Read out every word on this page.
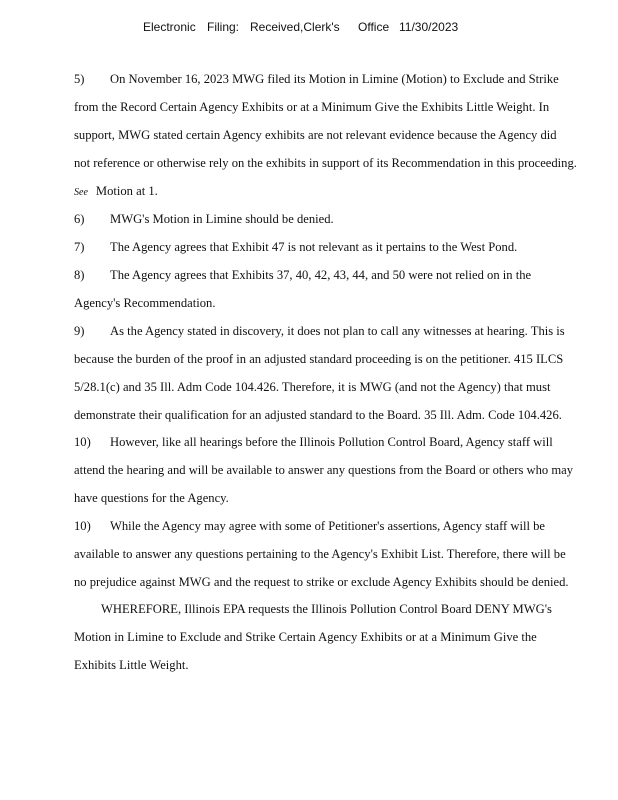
Electronic Filing: Received,Clerk's Office 11/30/2023
5) On November 16, 2023 MWG filed its Motion in Limine (Motion) to Exclude and Strike
from the Record Certain Agency Exhibits or at a Minimum Give the Exhibits Little Weight. In
support, MWG stated certain Agency exhibits are not relevant evidence because the Agency did
not reference or otherwise rely on the exhibits in support of its Recommendation in this proceeding.
See Motion at 1.
6) MWG's Motion in Limine should be denied.
7) The Agency agrees that Exhibit 47 is not relevant as it pertains to the West Pond.
8) The Agency agrees that Exhibits 37, 40, 42, 43, 44, and 50 were not relied on in the
Agency's Recommendation.
9) As the Agency stated in discovery, it does not plan to call any witnesses at hearing. This is
because the burden of the proof in an adjusted standard proceeding is on the petitioner. 415 ILCS
5/28.1(c) and 35 Ill. Adm Code 104.426. Therefore, it is MWG (and not the Agency) that must
demonstrate their qualification for an adjusted standard to the Board. 35 Ill. Adm. Code 104.426.
10) However, like all hearings before the Illinois Pollution Control Board, Agency staff will
attend the hearing and will be available to answer any questions from the Board or others who may
have questions for the Agency.
10) While the Agency may agree with some of Petitioner's assertions, Agency staff will be
available to answer any questions pertaining to the Agency's Exhibit List. Therefore, there will be
no prejudice against MWG and the request to strike or exclude Agency Exhibits should be denied.
WHEREFORE, Illinois EPA requests the Illinois Pollution Control Board DENY MWG's
Motion in Limine to Exclude and Strike Certain Agency Exhibits or at a Minimum Give the
Exhibits Little Weight.
